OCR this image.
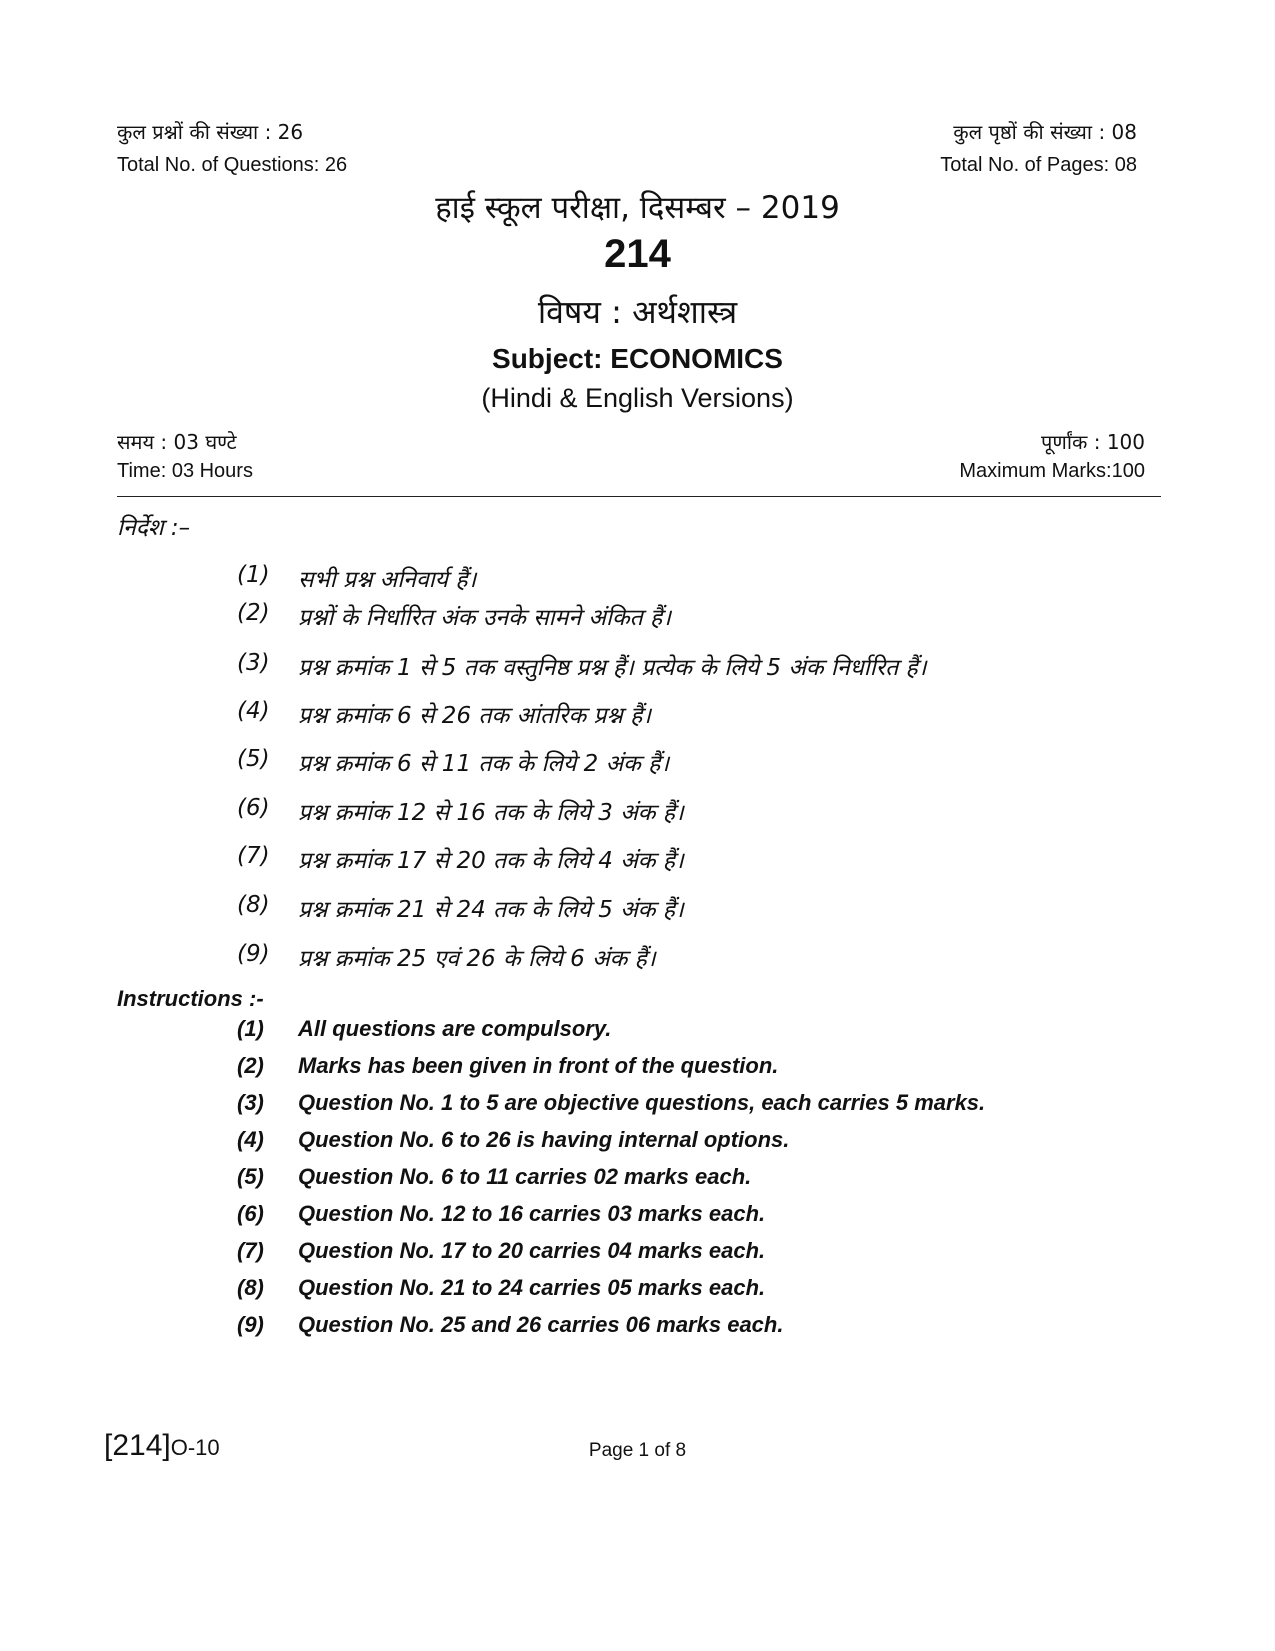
कुल प्रश्नों की संख्या : 26
Total No. of Questions: 26
कुल पृष्ठों की संख्या : 08
Total No. of Pages: 08
हाई स्कूल परीक्षा, दिसम्बर – 2019
214
विषय : अर्थशास्त्र
Subject: ECONOMICS
(Hindi & English Versions)
समय : 03 घण्टे
Time: 03 Hours
पूर्णांक : 100
Maximum Marks:100
निर्देश :–
(1) सभी प्रश्न अनिवार्य हैं।
(2) प्रश्नों के निर्धारित अंक उनके सामने अंकित हैं।
(3) प्रश्न क्रमांक 1 से 5 तक वस्तुनिष्ठ प्रश्न हैं। प्रत्येक के लिये 5 अंक निर्धारित हैं।
(4) प्रश्न क्रमांक 6 से 26 तक आंतरिक प्रश्न हैं।
(5) प्रश्न क्रमांक 6 से 11 तक के लिये 2 अंक हैं।
(6) प्रश्न क्रमांक 12 से 16 तक के लिये 3 अंक हैं।
(7) प्रश्न क्रमांक 17 से 20 तक के लिये 4 अंक हैं।
(8) प्रश्न क्रमांक 21 से 24 तक के लिये 5 अंक हैं।
(9) प्रश्न क्रमांक 25 एवं 26 के लिये 6 अंक हैं।
Instructions :-
(1) All questions are compulsory.
(2) Marks has been given in front of the question.
(3) Question No. 1 to 5 are objective questions, each carries 5 marks.
(4) Question No. 6 to 26 is having internal options.
(5) Question No. 6 to 11 carries 02 marks each.
(6) Question No. 12 to 16 carries 03 marks each.
(7) Question No. 17 to 20 carries 04 marks each.
(8) Question No. 21 to 24 carries 05 marks each.
(9) Question No. 25 and 26 carries 06 marks each.
[214]O-10	Page 1 of 8
